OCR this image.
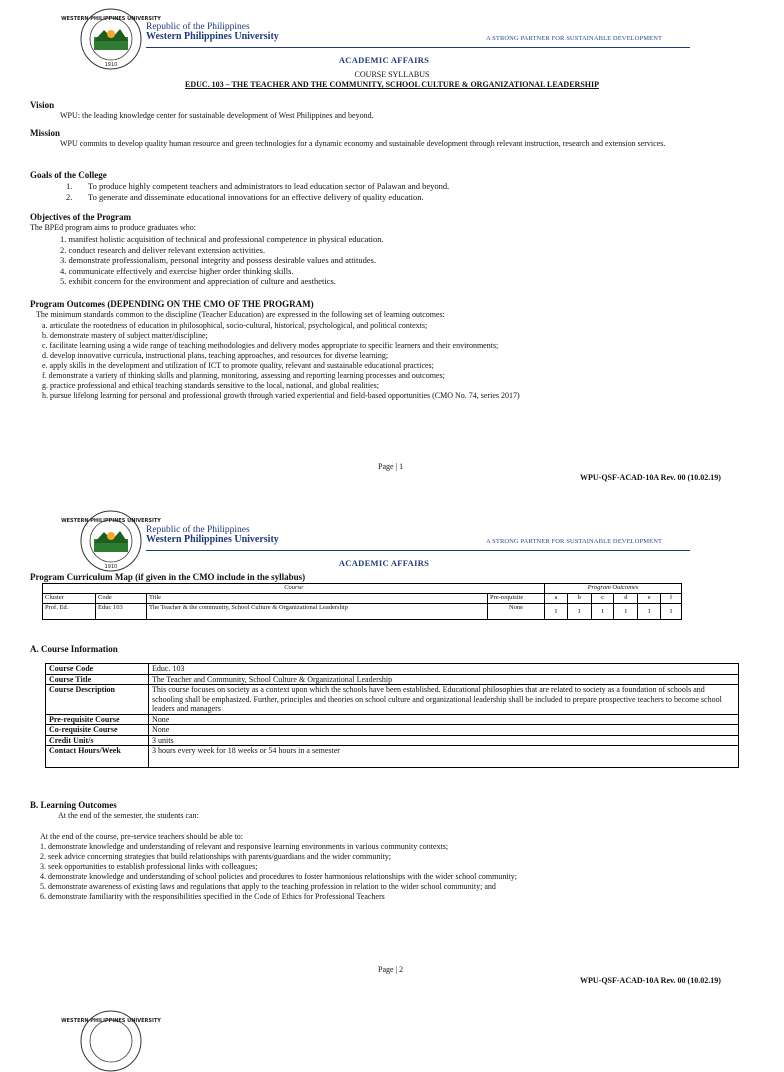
WESTERN PHILIPPINES UNIVERSITY
1910
Republic of the Philippines
Western Philippines University	A STRONG PARTNER FOR SUSTAINABLE DEVELOPMENT
ACADEMIC AFFAIRS
COURSE SYLLABUS
EDUC. 103 – THE TEACHER AND THE COMMUNITY, SCHOOL CULTURE & ORGANIZATIONAL LEADERSHIP
Vision
WPU: the leading knowledge center for sustainable development of West Philippines and beyond.
Mission
WPU commits to develop quality human resource and green technologies for a dynamic economy and sustainable development through relevant instruction, research and extension services.
Goals of the College
1. To produce highly competent teachers and administrators to lead education sector of Palawan and beyond.
2. To generate and disseminate educational innovations for an effective delivery of quality education.
Objectives of the Program
The BPEd program aims to produce graduates who:
1. manifest holistic acquisition of technical and professional competence in physical education.
2. conduct research and deliver relevant extension activities.
3. demonstrate professionalism, personal integrity and possess desirable values and attitudes.
4. communicate effectively and exercise higher order thinking skills.
5. exhibit concern for the environment and appreciation of culture and aesthetics.
Program Outcomes (DEPENDING ON THE CMO OF THE PROGRAM)
The minimum standards common to the discipline (Teacher Education) are expressed in the following set of learning outcomes:
a. articulate the rootedness of education in philosophical, socio-cultural, historical, psychological, and political contexts;
b. demonstrate mastery of subject matter/discipline;
c. facilitate learning using a wide range of teaching methodologies and delivery modes appropriate to specific learners and their environments;
d. develop innovative curricula, instructional plans, teaching approaches, and resources for diverse learning;
e. apply skills in the development and utilization of ICT to promote quality, relevant and sustainable educational practices;
f. demonstrate a variety of thinking skills and planning, monitoring, assessing and reporting learning processes and outcomes;
g. practice professional and ethical teaching standards sensitive to the local, national, and global realities;
h. pursue lifelong learning for personal and professional growth through varied experiential and field-based opportunities (CMO No. 74, series 2017)
Page | 1
WPU-QSF-ACAD-10A Rev. 00 (10.02.19)
WESTERN PHILIPPINES UNIVERSITY
1910
Republic of the Philippines
Western Philippines University	A STRONG PARTNER FOR SUSTAINABLE DEVELOPMENT
ACADEMIC AFFAIRS
Program Curriculum Map (if given in the CMO include in the syllabus)
Course				Program Outcomes					
Cluster	Code	Title	Pre-requisite	a	b	c	d	e	f
Prof. Ed.	Educ 103	The Teacher & the community, School Culture & Organizational Leadership	None	I	I	I	I	I	I
A. Course Information
Course Code	Educ. 103
Course Title	The Teacher and Community, School Culture & Organizational Leadership
Course Description	This course focuses on society as a context upon which the schools have been established. Educational philosophies that are related to society as a foundation of schools and schooling shall be emphasized. Further, principles and theories on school culture and organizational leadership shall be included to prepare prospective teachers to become school leaders and managers
Pre-requisite Course	None
Co-requisite Course	None
Credit Unit/s	3 units
Contact Hours/Week	3 hours every week for 18 weeks or 54 hours in a semester
B. Learning Outcomes
At the end of the semester, the students can:
At the end of the course, pre-service teachers should be able to:
1. demonstrate knowledge and understanding of relevant and responsive learning environments in various community contexts;
2. seek advice concerning strategies that build relationships with parents/guardians and the wider community;
3. seek opportunities to establish professional links with colleagues;
4. demonstrate knowledge and understanding of school policies and procedures to foster harmonious relationships with the wider school community;
5. demonstrate awareness of existing laws and regulations that apply to the teaching profession in relation to the wider school community; and
6. demonstrate familiarity with the responsibilities specified in the Code of Ethics for Professional Teachers
Page | 2
WPU-QSF-ACAD-10A Rev. 00 (10.02.19)
WESTERN PHILIPPINES UNIVERSITY
